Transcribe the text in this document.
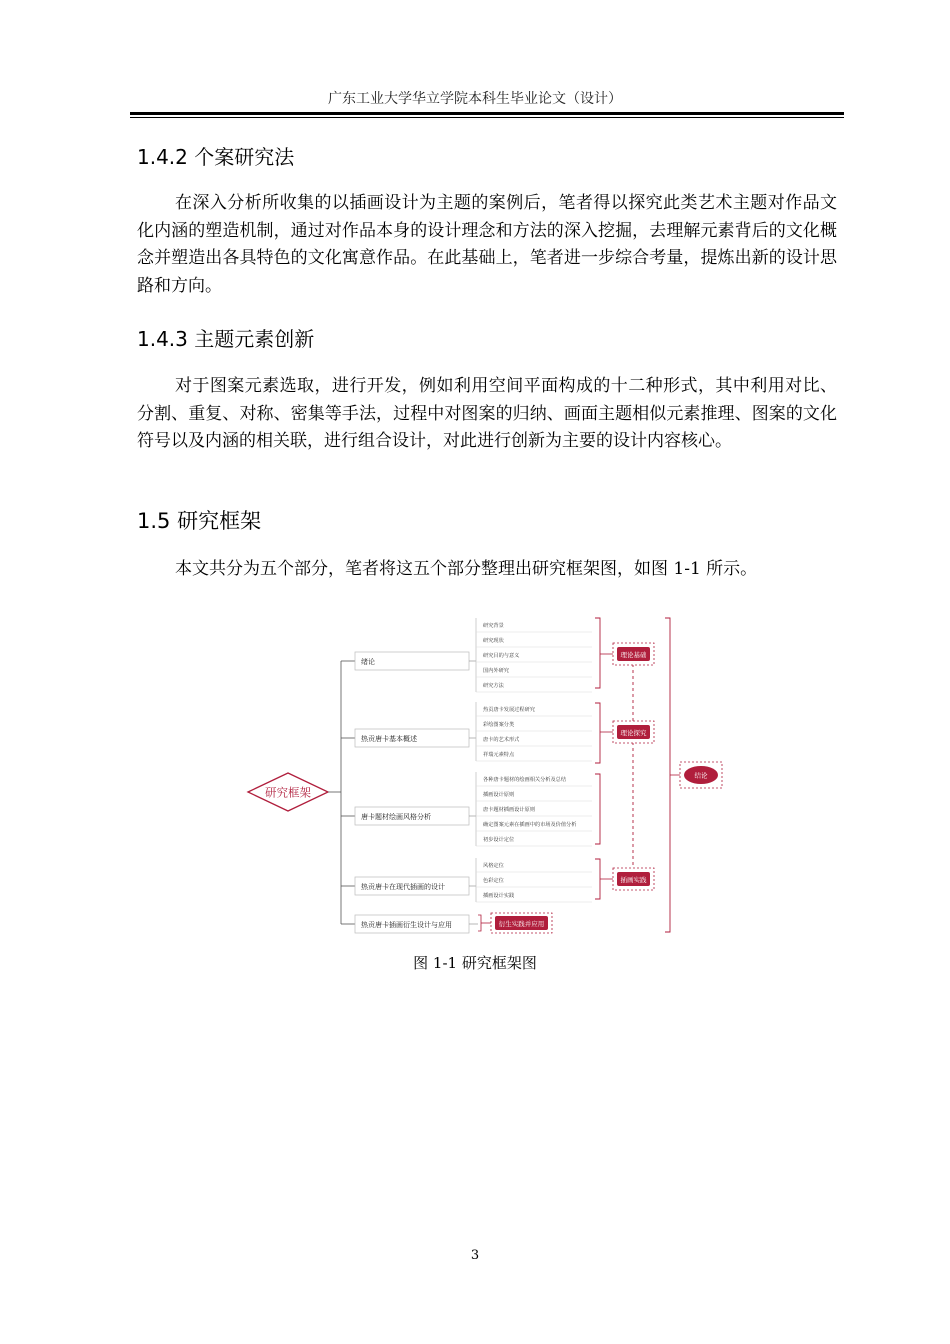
广东工业大学华立学院本科生毕业论文（设计）
1.4.2 个案研究法

在深入分析所收集的以插画设计为主题的案例后，笔者得以探究此类艺术主题对作品文化内涵的塑造机制，通过对作品本身的设计理念和方法的深入挖掘，去理解元素背后的文化概念并塑造出各具特色的文化寓意作品。在此基础上，笔者进一步综合考量，提炼出新的设计思路和方向。

1.4.3 主题元素创新

对于图案元素选取，进行开发，例如利用空间平面构成的十二种形式，其中利用对比、分割、重复、对称、密集等手法，过程中对图案的归纳、画面主题相似元素推理、图案的文化符号以及内涵的相关联，进行组合设计，对此进行创新为主要的设计内容核心。

1.5 研究框架

本文共分为五个部分，笔者将这五个部分整理出研究框架图，如图 1-1 所示。

研究框架
绪论
研究背景
研究现状
研究目的与意义
国内外研究
研究方法
热贡唐卡基本概述
热贡唐卡发展过程研究
彩绘图案分类
唐卡的艺术形式
祥瑞元素特点
唐卡题材绘画风格分析
各种唐卡题材的绘画相关分析及总结
插画设计原则
唐卡题材插画设计原则
确定图案元素在插画中的市场及价值分析
初步设计定位
热贡唐卡在现代插画的设计
风格定位
色彩定位
插画设计实践
热贡唐卡插画衍生设计与应用
理论基础
理论探究
插画实践
结论
衍生实践并应用
图 1-1 研究框架图
3
